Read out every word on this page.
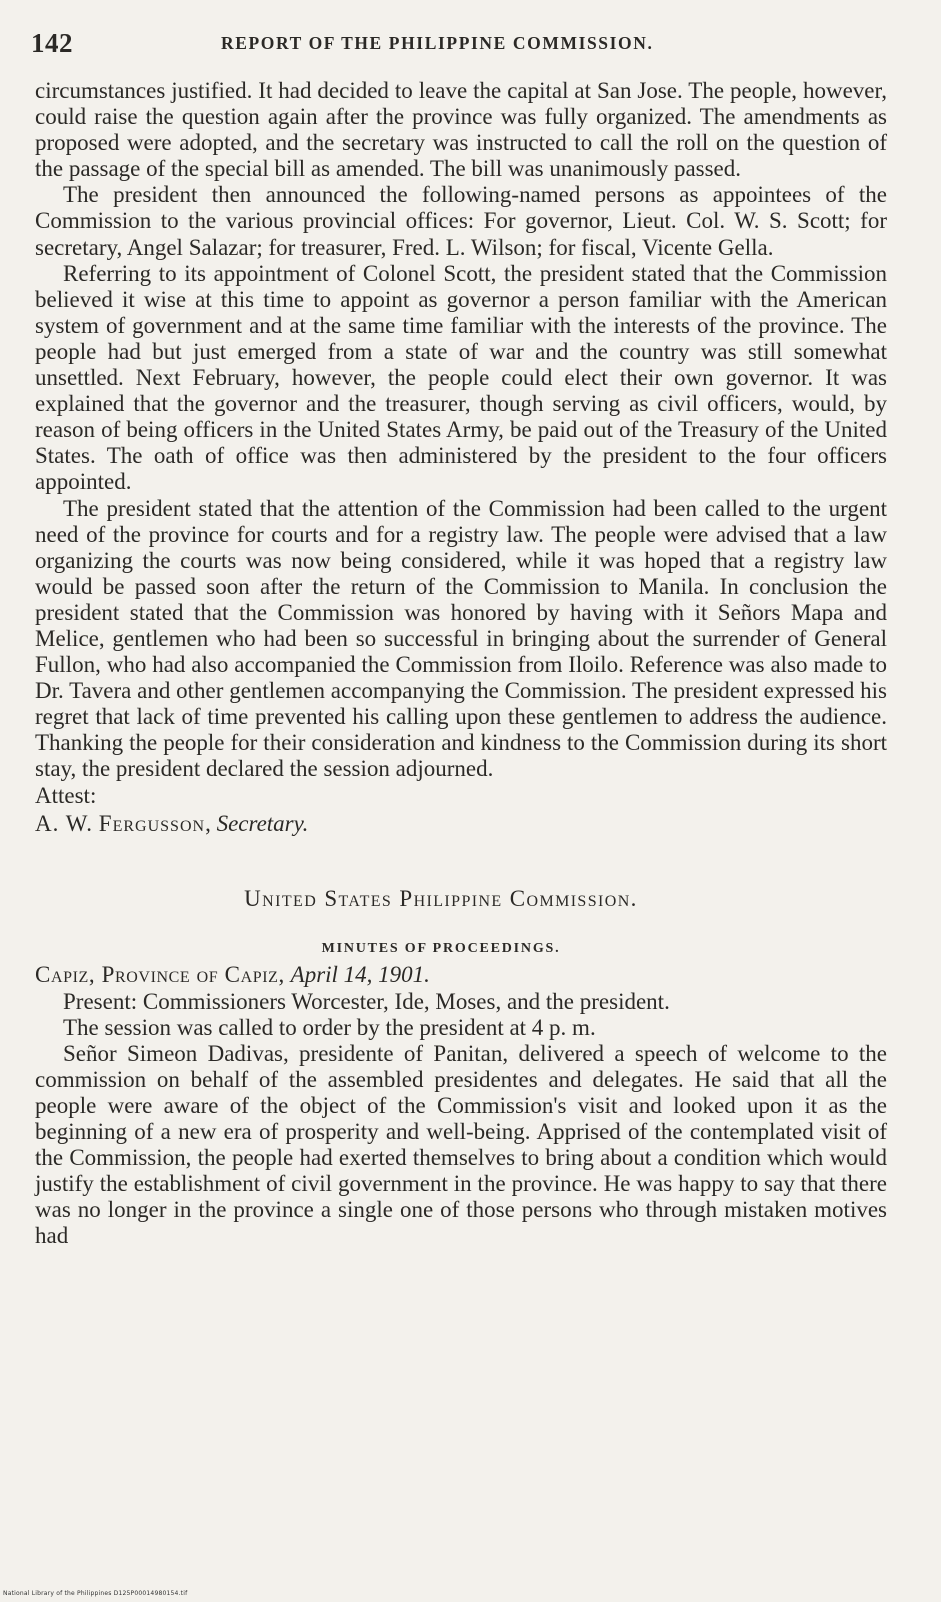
142	REPORT OF THE PHILIPPINE COMMISSION.

circumstances justified. It had decided to leave the capital at San Jose. The people, however, could raise the question again after the province was fully organized. The amendments as proposed were adopted, and the secretary was instructed to call the roll on the question of the passage of the special bill as amended. The bill was unanimously passed.

The president then announced the following-named persons as appointees of the Commission to the various provincial offices: For governor, Lieut. Col. W. S. Scott; for secretary, Angel Salazar; for treasurer, Fred. L. Wilson; for fiscal, Vicente Gella.

Referring to its appointment of Colonel Scott, the president stated that the Commission believed it wise at this time to appoint as governor a person familiar with the American system of government and at the same time familiar with the interests of the province. The people had but just emerged from a state of war and the country was still somewhat unsettled. Next February, however, the people could elect their own governor. It was explained that the governor and the treasurer, though serving as civil officers, would, by reason of being officers in the United States Army, be paid out of the Treasury of the United States. The oath of office was then administered by the president to the four officers appointed.

The president stated that the attention of the Commission had been called to the urgent need of the province for courts and for a registry law. The people were advised that a law organizing the courts was now being considered, while it was hoped that a registry law would be passed soon after the return of the Commission to Manila. In conclusion the president stated that the Commission was honored by having with it Señors Mapa and Melice, gentlemen who had been so successful in bringing about the surrender of General Fullon, who had also accompanied the Commission from Iloilo. Reference was also made to Dr. Tavera and other gentlemen accompanying the Commission. The president expressed his regret that lack of time prevented his calling upon these gentlemen to address the audience. Thanking the people for their consideration and kindness to the Commission during its short stay, the president declared the session adjourned.

Attest:

A. W. Fergusson, Secretary.

United States Philippine Commission.
MINUTES OF PROCEEDINGS.

Capiz, Province of Capiz, April 14, 1901.

Present: Commissioners Worcester, Ide, Moses, and the president.

The session was called to order by the president at 4 p. m.

Señor Simeon Dadivas, presidente of Panitan, delivered a speech of welcome to the commission on behalf of the assembled presidentes and delegates. He said that all the people were aware of the object of the Commission's visit and looked upon it as the beginning of a new era of prosperity and well-being. Apprised of the contemplated visit of the Commission, the people had exerted themselves to bring about a condition which would justify the establishment of civil government in the province. He was happy to say that there was no longer in the province a single one of those persons who through mistaken motives had

National Library of the Philippines D125P00014980154.tif
